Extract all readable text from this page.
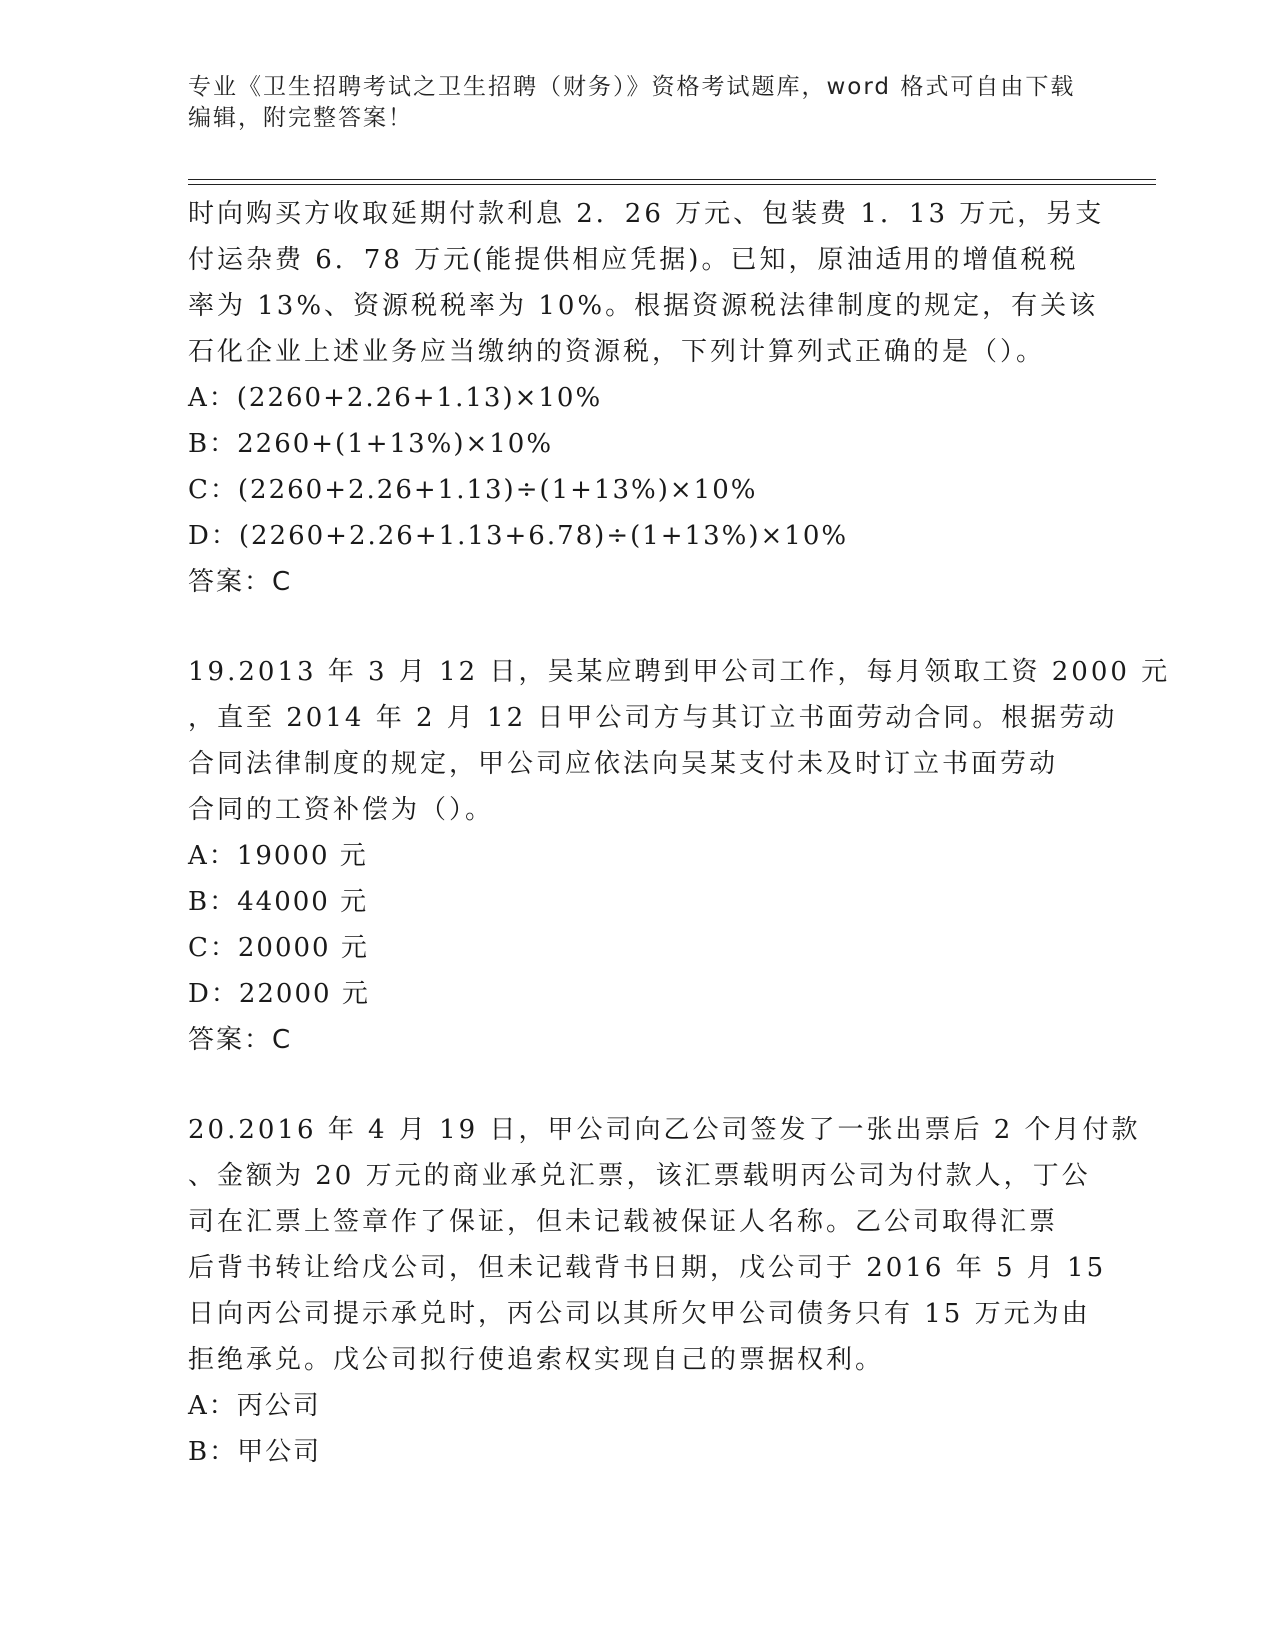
专业《卫生招聘考试之卫生招聘（财务）》资格考试题库，word 格式可自由下载
编辑，附完整答案！

时向购买方收取延期付款利息 2．26 万元、包装费 1．13 万元，另支

付运杂费 6．78 万元(能提供相应凭据)。已知，原油适用的增值税税

率为 13%、资源税税率为 10%。根据资源税法律制度的规定，有关该

石化企业上述业务应当缴纳的资源税，下列计算列式正确的是（）。

A：(2260+2.26+1.13)×10%

B：2260+(1+13%)×10%

C：(2260+2.26+1.13)÷(1+13%)×10%

D：(2260+2.26+1.13+6.78)÷(1+13%)×10%

答案：C

19.2013 年 3 月 12 日，吴某应聘到甲公司工作，每月领取工资 2000 元

，直至 2014 年 2 月 12 日甲公司方与其订立书面劳动合同。根据劳动

合同法律制度的规定，甲公司应依法向吴某支付未及时订立书面劳动

合同的工资补偿为（）。

A：19000 元

B：44000 元

C：20000 元

D：22000 元

答案：C

20.2016 年 4 月 19 日，甲公司向乙公司签发了一张出票后 2 个月付款

、金额为 20 万元的商业承兑汇票，该汇票载明丙公司为付款人，丁公

司在汇票上签章作了保证，但未记载被保证人名称。乙公司取得汇票

后背书转让给戊公司，但未记载背书日期，戊公司于 2016 年 5 月 15

日向丙公司提示承兑时，丙公司以其所欠甲公司债务只有 15 万元为由

拒绝承兑。戊公司拟行使追索权实现自己的票据权利。

A：丙公司

B：甲公司
